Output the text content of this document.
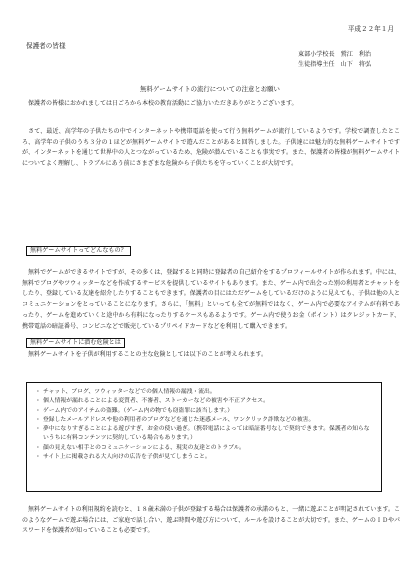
平成２２年１月

保護者の皆様

東部小学校長　鷲江　利治

生徒指導主任　山下　将弘

無料ゲームサイトの流行についての注意とお願い

　保護者の皆様におかれましては日ごろから本校の教育活動にご協力いただきありがとうございます。

　さて、最近、高学年の子供たちの中でインターネットや携帯電話を使って行う無料ゲームが流行しているようです。学校で調査したところ、高学年の子供のうち３分の１ほどが無料ゲームサイトで遊んだことがあると回答しました。子供達には魅力的な無料ゲームサイトですが、インターネットを通じて世界中の人とつながっているため、危険が潜んでいることも事実です。また、保護者の皆様が無料ゲームサイトについてよく理解し、トラブルにあう前にさまざまな危険から子供たちを守っていくことが大切です。

無料ゲームサイトってどんなもの？

　無料でゲームができるサイトですが、その多くは、登録すると同時に登録者の自己紹介をするプロフィールサイトが作られます。中には、無料でブログやツウィッターなどを作成するサービスを提供しているサイトもあります。また、ゲーム内で出会った別の利用者とチャットをしたり、登録している友達を紹介したりすることもできます。保護者の目にはただゲームをしているだけのように見えても、子供は他の人とコミュニケーションをとっていることになります。さらに、「無料」といっても全てが無料ではなく、ゲーム内で必要なアイテムが有料であったり、ゲームを進めていくと途中から有料になったりするケースもあるようです。ゲーム内で使うお金（ポイント）はクレジットカード、携帯電話の暗証番号、コンビニなどで販売しているプリペイドカードなどを利用して購入できます。

無料ゲームサイトに潜む危険とは

　無料ゲームサイトを子供が利用することの主な危険としては以下のことが考えられます。

・ チャット、ブログ、ツウィッターなどでの個人情報の漏洩・流出。
・ 個人情報が漏れることによる変質者、不審者、ストーカーなどの被害や不正アクセス。
・ ゲーム内でのアイテムの盗難。（ゲーム内の物でも窃盗罪に該当します。）
・ 登録したメールアドレスや他の利用者のブログなどを通じた迷惑メール、ワンクリック詐欺などの被害。
・ 夢中になりすぎることによる遊びすぎ、お金の使い過ぎ。（携帯電話によっては暗証番号なしで契約できます。保護者の知らないうちに有料コンテンツに契約している場合もあります。）
・ 顔の見えない相手とのコミュニケーションによる、現実の友達とのトラブル。
・ サイト上に掲載される大人向けの広告を子供が見てしまうこと。

　無料ゲームサイトの利用規約を読むと、１８歳未満の子供が登録する場合は保護者の承諾のもと、一緒に遊ぶことが明記されています。このようなゲームで遊ぶ場合には、ご家庭で話し合い、遊ぶ時間や遊び方について、ルールを設けることが大切です。また、ゲームのＩＤやパスワードを保護者が知っていることも必要です。
